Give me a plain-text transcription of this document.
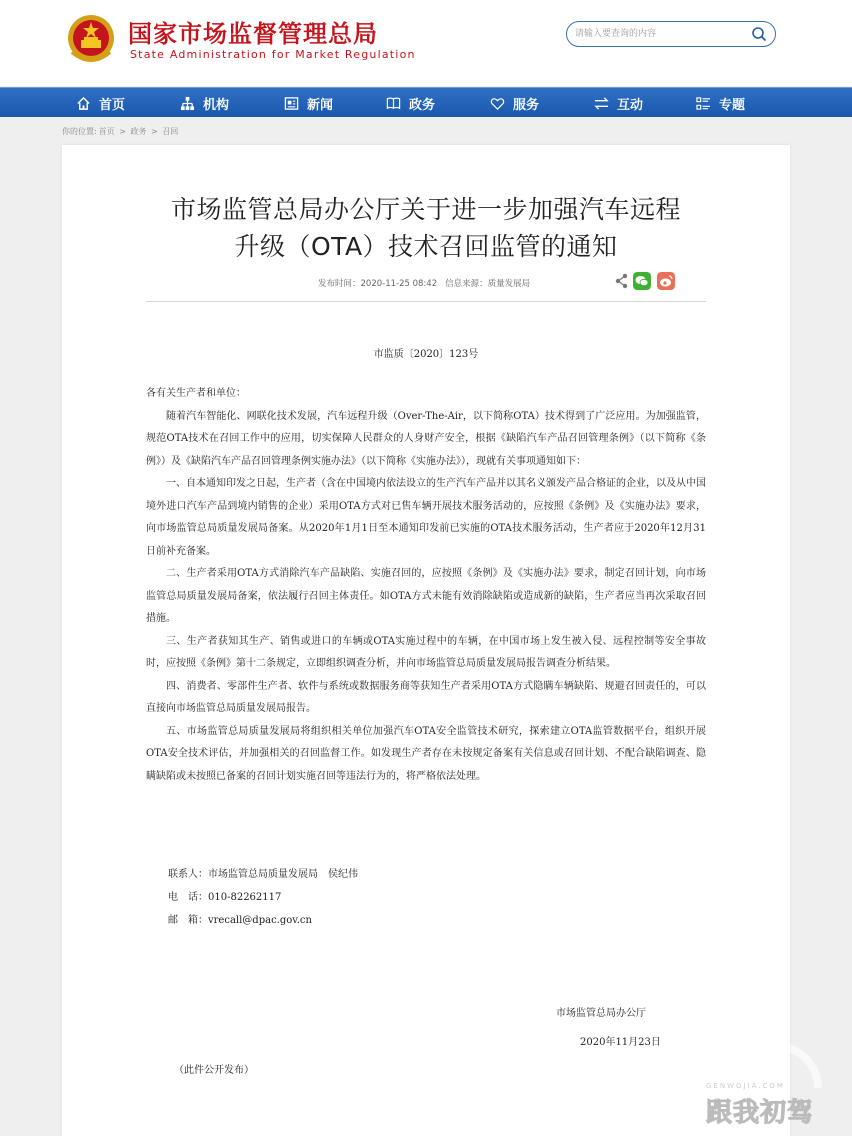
国家市场监督管理总局
State Administration for Market Regulation
请输入要查询的内容
首页	机构	新闻	政务	服务	互动	专题
你的位置: 首页 > 政务 > 召回
市场监管总局办公厅关于进一步加强汽车远程
升级（OTA）技术召回监管的通知
发布时间：2020-11-25 08:42 信息来源：质量发展局
市监质〔2020〕123号
各有关生产者和单位：

随着汽车智能化、网联化技术发展，汽车远程升级（Over-The-Air，以下简称OTA）技术得到了广泛应用。为加强监管，规范OTA技术在召回工作中的应用，切实保障人民群众的人身财产安全，根据《缺陷汽车产品召回管理条例》（以下简称《条例》）及《缺陷汽车产品召回管理条例实施办法》（以下简称《实施办法》），现就有关事项通知如下：

一、自本通知印发之日起，生产者（含在中国境内依法设立的生产汽车产品并以其名义颁发产品合格证的企业，以及从中国境外进口汽车产品到境内销售的企业）采用OTA方式对已售车辆开展技术服务活动的，应按照《条例》及《实施办法》要求，向市场监管总局质量发展局备案。从2020年1月1日至本通知印发前已实施的OTA技术服务活动，生产者应于2020年12月31日前补充备案。

二、生产者采用OTA方式消除汽车产品缺陷、实施召回的，应按照《条例》及《实施办法》要求，制定召回计划，向市场监管总局质量发展局备案，依法履行召回主体责任。如OTA方式未能有效消除缺陷或造成新的缺陷，生产者应当再次采取召回措施。

三、生产者获知其生产、销售或进口的车辆或OTA实施过程中的车辆，在中国市场上发生被入侵、远程控制等安全事故时，应按照《条例》第十二条规定，立即组织调查分析，并向市场监管总局质量发展局报告调查分析结果。

四、消费者、零部件生产者、软件与系统或数据服务商等获知生产者采用OTA方式隐瞒车辆缺陷、规避召回责任的，可以直接向市场监管总局质量发展局报告。

五、市场监管总局质量发展局将组织相关单位加强汽车OTA安全监管技术研究，探索建立OTA监管数据平台，组织开展OTA安全技术评估，并加强相关的召回监督工作。如发现生产者存在未按规定备案有关信息或召回计划、不配合缺陷调查、隐瞒缺陷或未按照已备案的召回计划实施召回等违法行为的，将严格依法处理。

联系人：市场监管总局质量发展局　侯纪伟
电　话：010-82262117
邮　箱：vrecall@dpac.gov.cn
市场监管总局办公厅
2020年11月23日
（此件公开发布）
GENWOJIA.COM
跟我初驾
